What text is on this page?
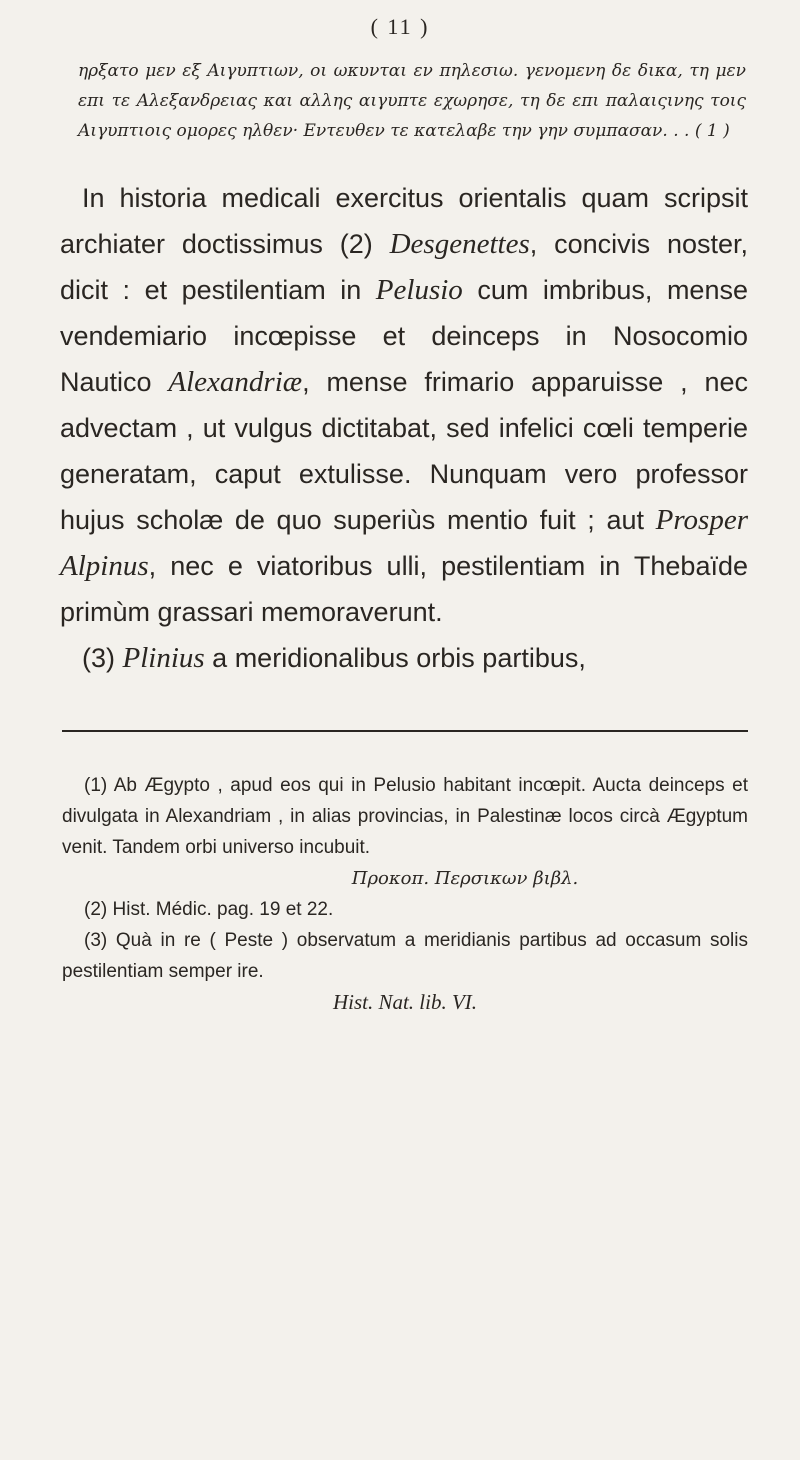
( 11 )
ηρξατο μεν εξ Αιγυπτιων, οι ωκυνται εν πηλεσιω. γενομενη δε δικα, τη μεν επι τε Αλεξανδρειας και αλλης αιγυπτε εχωρησε, τη δε επι παλαιςινης τοις Αιγυπτιοις ομορες ηλθεν· Εντευθεν τε κατελαβε την γην συμπασαν. . . ( 1 )

In historia medicali exercitus orientalis quam scripsit archiater doctissimus (2) Desgenettes, concivis noster, dicit : et pestilentiam in Pelusio cum imbribus, mense vendemiario incœpisse et deinceps in Nosocomio Nautico Alexandriæ, mense frimario apparuisse , nec advectam , ut vulgus dictitabat, sed infelici cœli temperie generatam, caput extulisse. Nunquam vero professor hujus scholæ de quo superiùs mentio fuit ; aut Prosper Alpinus, nec e viatoribus ulli, pestilentiam in Thebaïde primùm grassari memoraverunt.

(3) Plinius a meridionalibus orbis partibus,

(1) Ab Ægypto , apud eos qui in Pelusio habitant incœpit. Aucta deinceps et divulgata in Alexandriam , in alias provincias, in Palestinæ locos circà Ægyptum venit. Tandem orbi universo incubuit.

Προκοπ. Περσικων βιβλ.

(2) Hist. Médic. pag. 19 et 22.

(3) Quà in re ( Peste ) observatum a meridianis partibus ad occasum solis pestilentiam semper ire.

Hist. Nat. lib. VI.
